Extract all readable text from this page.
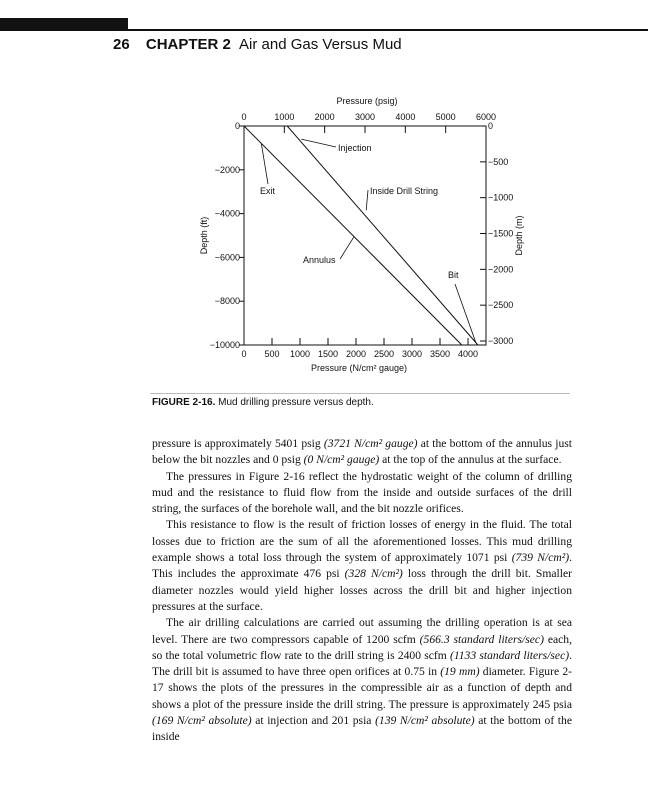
26 CHAPTER 2 Air and Gas Versus Mud
0	1000 2000 3000 4000 5000 6000
Pressure (psig)
0 500 1000 1500 2000 2500 3000 3500 4000
Pressure (N/cm² gauge)
0
−2000
−4000
−6000
−8000
−10000
Depth (ft)
0
−500
−1000
−1500
−2000
−2500
−3000
Depth (m)
Injection
Exit	Inside Drill String
Annulus
Bit
FIGURE 2-16. Mud drilling pressure versus depth.

pressure is approximately 5401 psig (3721 N/cm² gauge) at the bottom of the annulus just below the bit nozzles and 0 psig (0 N/cm² gauge) at the top of the annulus at the surface.

The pressures in Figure 2-16 reflect the hydrostatic weight of the column of drilling mud and the resistance to fluid flow from the inside and outside surfaces of the drill string, the surfaces of the borehole wall, and the bit nozzle orifices.

This resistance to flow is the result of friction losses of energy in the fluid. The total losses due to friction are the sum of all the aforementioned losses. This mud drilling example shows a total loss through the system of approximately 1071 psi (739 N/cm²). This includes the approximate 476 psi (328 N/cm²) loss through the drill bit. Smaller diameter nozzles would yield higher losses across the drill bit and higher injection pressures at the surface.

The air drilling calculations are carried out assuming the drilling operation is at sea level. There are two compressors capable of 1200 scfm (566.3 standard liters/sec) each, so the total volumetric flow rate to the drill string is 2400 scfm (1133 standard liters/sec). The drill bit is assumed to have three open orifices at 0.75 in (19 mm) diameter. Figure 2-17 shows the plots of the pressures in the compressible air as a function of depth and shows a plot of the pressure inside the drill string. The pressure is approximately 245 psia (169 N/cm² absolute) at injection and 201 psia (139 N/cm² absolute) at the bottom of the inside
